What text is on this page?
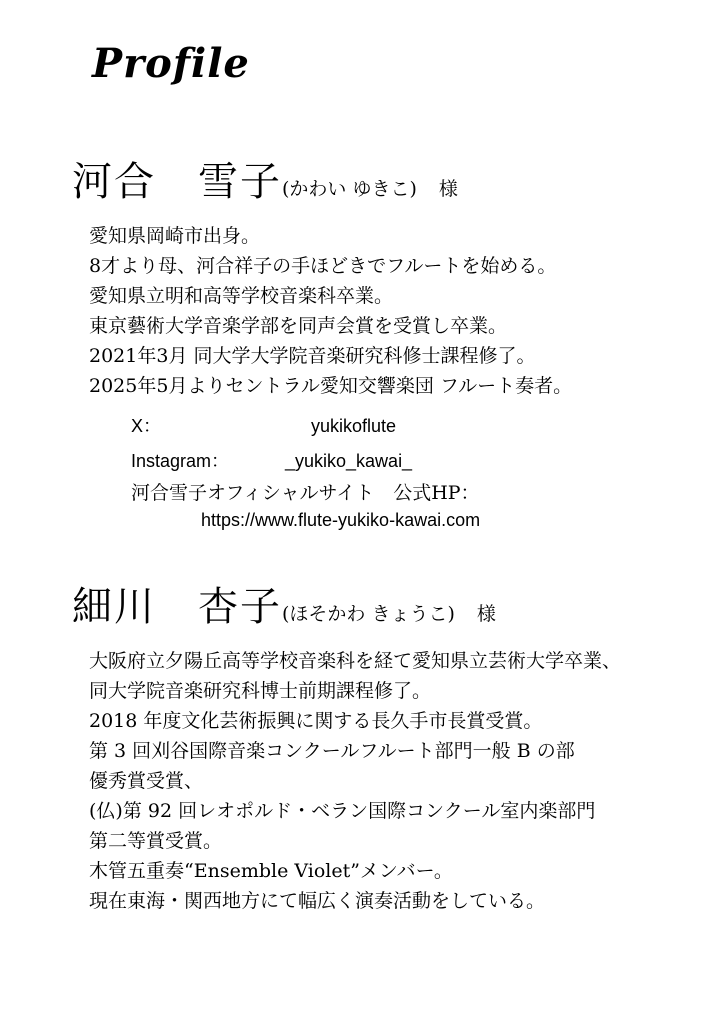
Profile
河合　雪子(かわい ゆきこ) 様
愛知県岡崎市出身。
8才より母、河合祥子の手ほどきでフルートを始める。
愛知県立明和高等学校音楽科卒業。
東京藝術大学音楽学部を同声会賞を受賞し卒業。
2021年3月 同大学大学院音楽研究科修士課程修了。
2025年5月よりセントラル愛知交響楽団 フルート奏者。
X：	yukikoflute
Instagram：	_yukiko_kawai_
河合雪子オフィシャルサイト　公式HP：
https://www.flute-yukiko-kawai.com
細川　杏子(ほそかわ きょうこ) 様
大阪府立夕陽丘高等学校音楽科を経て愛知県立芸術大学卒業、
同大学院音楽研究科博士前期課程修了。
2018 年度文化芸術振興に関する長久手市長賞受賞。
第 3 回刈谷国際音楽コンクールフルート部門一般 B の部
優秀賞受賞、
(仏)第 92 回レオポルド・ベラン国際コンクール室内楽部門
第二等賞受賞。
木管五重奏“Ensemble Violet”メンバー。
現在東海・関西地方にて幅広く演奏活動をしている。
